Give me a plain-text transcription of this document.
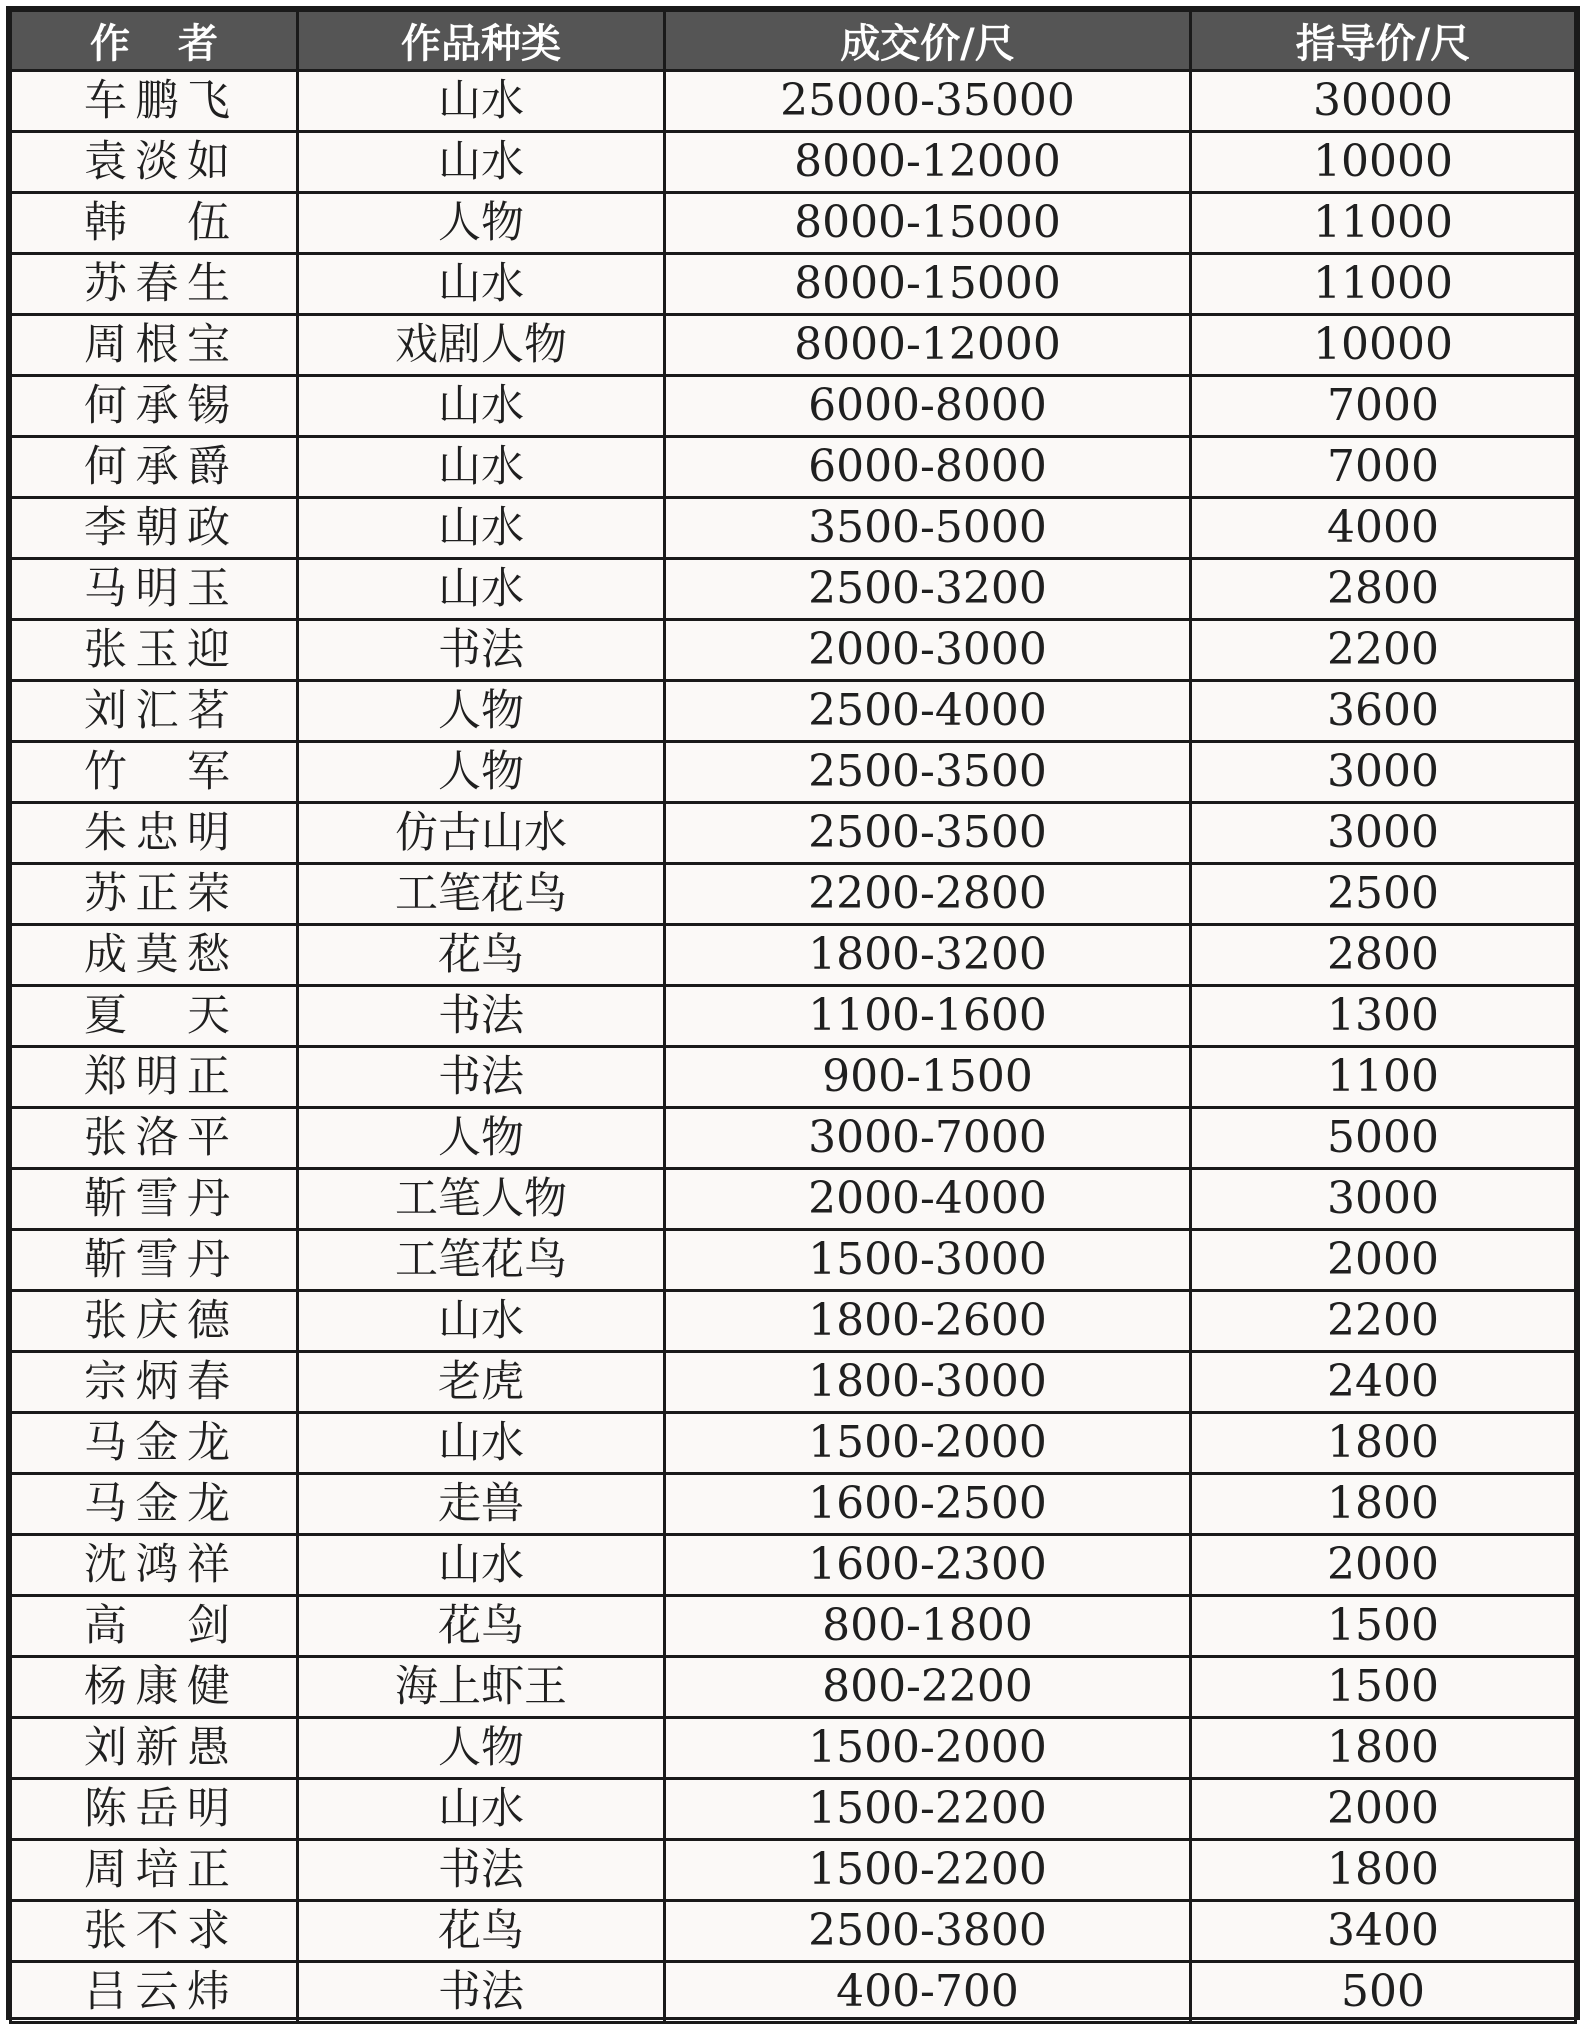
作者	作品种类	成交价/尺	指导价/尺
车鹏飞	山水	25000-35000	30000
袁淡如	山水	8000-12000	10000
韩伍	人物	8000-15000	11000
苏春生	山水	8000-15000	11000
周根宝	戏剧人物	8000-12000	10000
何承锡	山水	6000-8000	7000
何承爵	山水	6000-8000	7000
李朝政	山水	3500-5000	4000
马明玉	山水	2500-3200	2800
张玉迎	书法	2000-3000	2200
刘汇茗	人物	2500-4000	3600
竹军	人物	2500-3500	3000
朱忠明	仿古山水	2500-3500	3000
苏正荣	工笔花鸟	2200-2800	2500
成莫愁	花鸟	1800-3200	2800
夏天	书法	1100-1600	1300
郑明正	书法	900-1500	1100
张洛平	人物	3000-7000	5000
靳雪丹	工笔人物	2000-4000	3000
靳雪丹	工笔花鸟	1500-3000	2000
张庆德	山水	1800-2600	2200
宗炳春	老虎	1800-3000	2400
马金龙	山水	1500-2000	1800
马金龙	走兽	1600-2500	1800
沈鸿祥	山水	1600-2300	2000
高剑	花鸟	800-1800	1500
杨康健	海上虾王	800-2200	1500
刘新愚	人物	1500-2000	1800
陈岳明	山水	1500-2200	2000
周培正	书法	1500-2200	1800
张不求	花鸟	2500-3800	3400
吕云炜	书法	400-700	500
